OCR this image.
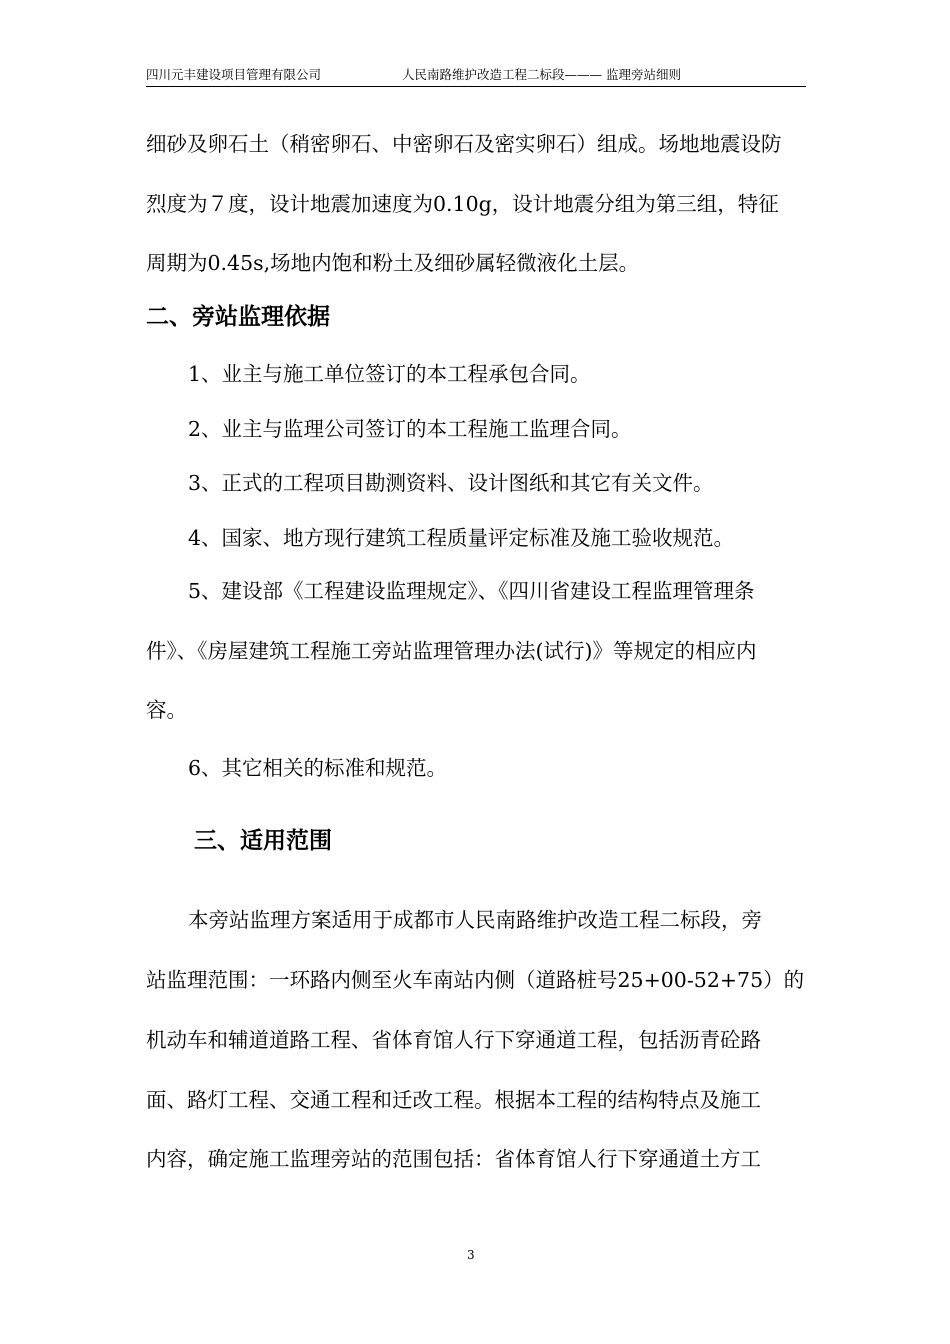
四川元丰建设项目管理有限公司	人民南路维护改造工程二标段——— 监理旁站细则
细砂及卵石土（稍密卵石、中密卵石及密实卵石）组成。场地地震设防
烈度为７度，设计地震加速度为0.10g，设计地震分组为第三组，特征
周期为0.45s,场地内饱和粉土及细砂属轻微液化土层。
二、旁站监理依据
1、业主与施工单位签订的本工程承包合同。
2、业主与监理公司签订的本工程施工监理合同。
3、正式的工程项目勘测资料、设计图纸和其它有关文件。
4、国家、地方现行建筑工程质量评定标准及施工验收规范。
5、建设部《工程建设监理规定》、《四川省建设工程监理管理条
件》、《房屋建筑工程施工旁站监理管理办法(试行)》等规定的相应内
容。
6、其它相关的标准和规范。
三、适用范围
本旁站监理方案适用于成都市人民南路维护改造工程二标段，旁
站监理范围：一环路内侧至火车南站内侧（道路桩号25+00-52+75）的
机动车和辅道道路工程、省体育馆人行下穿通道工程，包括沥青砼路
面、路灯工程、交通工程和迁改工程。根据本工程的结构特点及施工
内容，确定施工监理旁站的范围包括：省体育馆人行下穿通道土方工
3
